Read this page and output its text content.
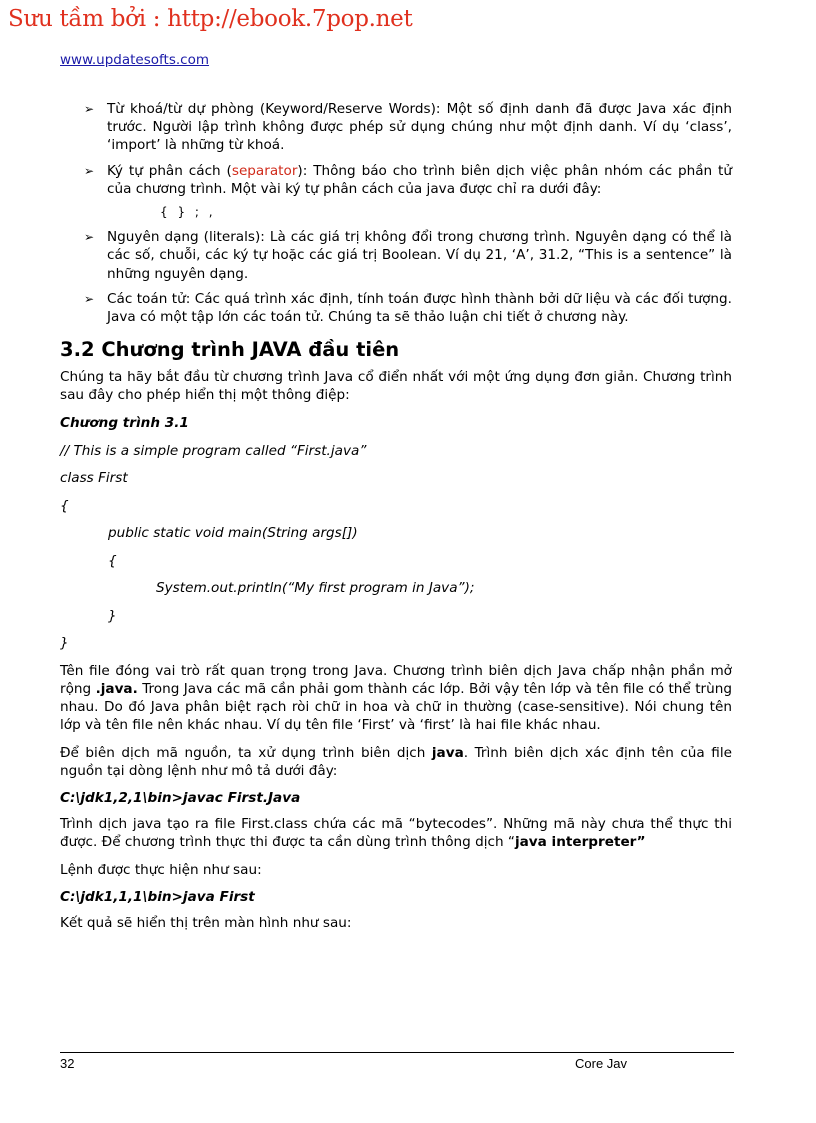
Sưu tầm bởi : http://ebook.7pop.net
www.updatesofts.com
➢ Từ khoá/từ dự phòng (Keyword/Reserve Words): Một số định danh đã được Java xác định trước. Người lập trình không được phép sử dụng chúng như một định danh. Ví dụ ‘class’, ‘import’ là những từ khoá.
➢ Ký tự phân cách (separator): Thông báo cho trình biên dịch việc phân nhóm các phần tử của chương trình. Một vài ký tự phân cách của java được chỉ ra dưới đây:
{ } ; ,
➢ Nguyên dạng (literals): Là các giá trị không đổi trong chương trình. Nguyên dạng có thể là các số, chuỗi, các ký tự hoặc các giá trị Boolean. Ví dụ 21, ‘A’, 31.2, “This is a sentence” là những nguyên dạng.
➢ Các toán tử: Các quá trình xác định, tính toán được hình thành bởi dữ liệu và các đối tượng. Java có một tập lớn các toán tử. Chúng ta sẽ thảo luận chi tiết ở chương này.
3.2 Chương trình JAVA đầu tiên

Chúng ta hãy bắt đầu từ chương trình Java cổ điển nhất với một ứng dụng đơn giản. Chương trình sau đây cho phép hiển thị một thông điệp:

Chương trình 3.1
// This is a simple program called “First.java”
class First
{
public static void main(String args[])
{
System.out.println(“My first program in Java”);
}
}

Tên file đóng vai trò rất quan trọng trong Java. Chương trình biên dịch Java chấp nhận phần mở rộng .java. Trong Java các mã cần phải gom thành các lớp. Bởi vậy tên lớp và tên file có thể trùng nhau. Do đó Java phân biệt rạch ròi chữ in hoa và chữ in thường (case-sensitive). Nói chung tên lớp và tên file nên khác nhau. Ví dụ tên file ‘First’ và ‘first’ là hai file khác nhau.

Để biên dịch mã nguồn, ta xử dụng trình biên dịch java. Trình biên dịch xác định tên của file nguồn tại dòng lệnh như mô tả dưới đây:

C:\jdk1,2,1\bin>javac First.Java

Trình dịch java tạo ra file First.class chứa các mã “bytecodes”. Những mã này chưa thể thực thi được. Để chương trình thực thi được ta cần dùng trình thông dịch “java interpreter”

Lệnh được thực hiện như sau:

C:\jdk1,1,1\bin>java First

Kết quả sẽ hiển thị trên màn hình như sau:

32	Core Jav
